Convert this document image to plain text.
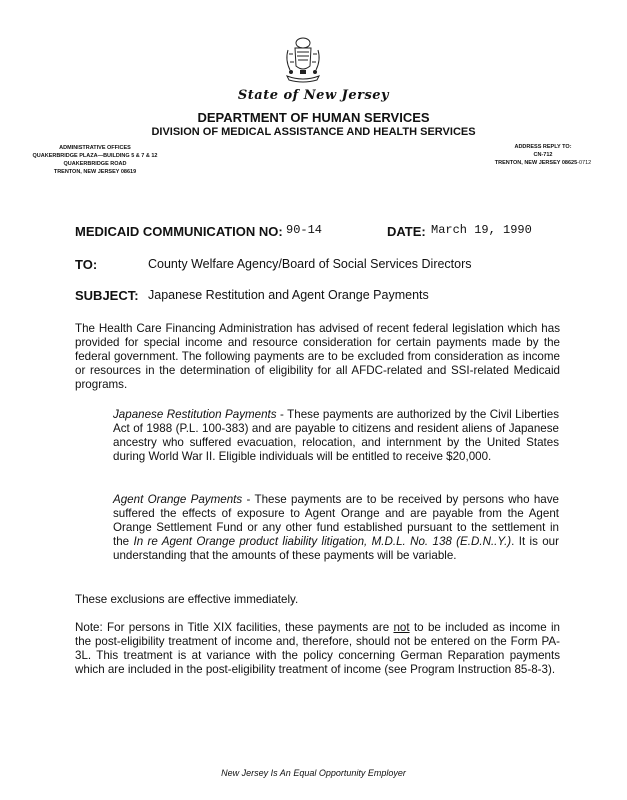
State of New Jersey
DEPARTMENT OF HUMAN SERVICES
DIVISION OF MEDICAL ASSISTANCE AND HEALTH SERVICES
ADMINISTRATIVE OFFICES
QUAKERBRIDGE PLAZA—BUILDING 5 & 7 & 12
QUAKERBRIDGE ROAD
TRENTON, NEW JERSEY 08619
ADDRESS REPLY TO:
CN-712
TRENTON, NEW JERSEY 08625-0712
MEDICAID COMMUNICATION NO: 90-14	DATE: March 19, 1990
TO:	County Welfare Agency/Board of Social Services Directors
SUBJECT: Japanese Restitution and Agent Orange Payments
The Health Care Financing Administration has advised of recent federal legislation which has provided for special income and resource consideration for certain payments made by the federal government. The following payments are to be excluded from consideration as income or resources in the determination of eligibility for all AFDC-related and SSI-related Medicaid programs.
Japanese Restitution Payments - These payments are authorized by the Civil Liberties Act of 1988 (P.L. 100-383) and are payable to citizens and resident aliens of Japanese ancestry who suffered evacuation, relocation, and internment by the United States during World War II. Eligible individuals will be entitled to receive $20,000.
Agent Orange Payments - These payments are to be received by persons who have suffered the effects of exposure to Agent Orange and are payable from the Agent Orange Settlement Fund or any other fund established pursuant to the settlement in the In re Agent Orange product liability litigation, M.D.L. No. 138 (E.D.N..Y.). It is our understanding that the amounts of these payments will be variable.
These exclusions are effective immediately.
Note: For persons in Title XIX facilities, these payments are not to be included as income in the post-eligibility treatment of income and, therefore, should not be entered on the Form PA-3L. This treatment is at variance with the policy concerning German Reparation payments which are included in the post-eligibility treatment of income (see Program Instruction 85-8-3).
New Jersey Is An Equal Opportunity Employer
